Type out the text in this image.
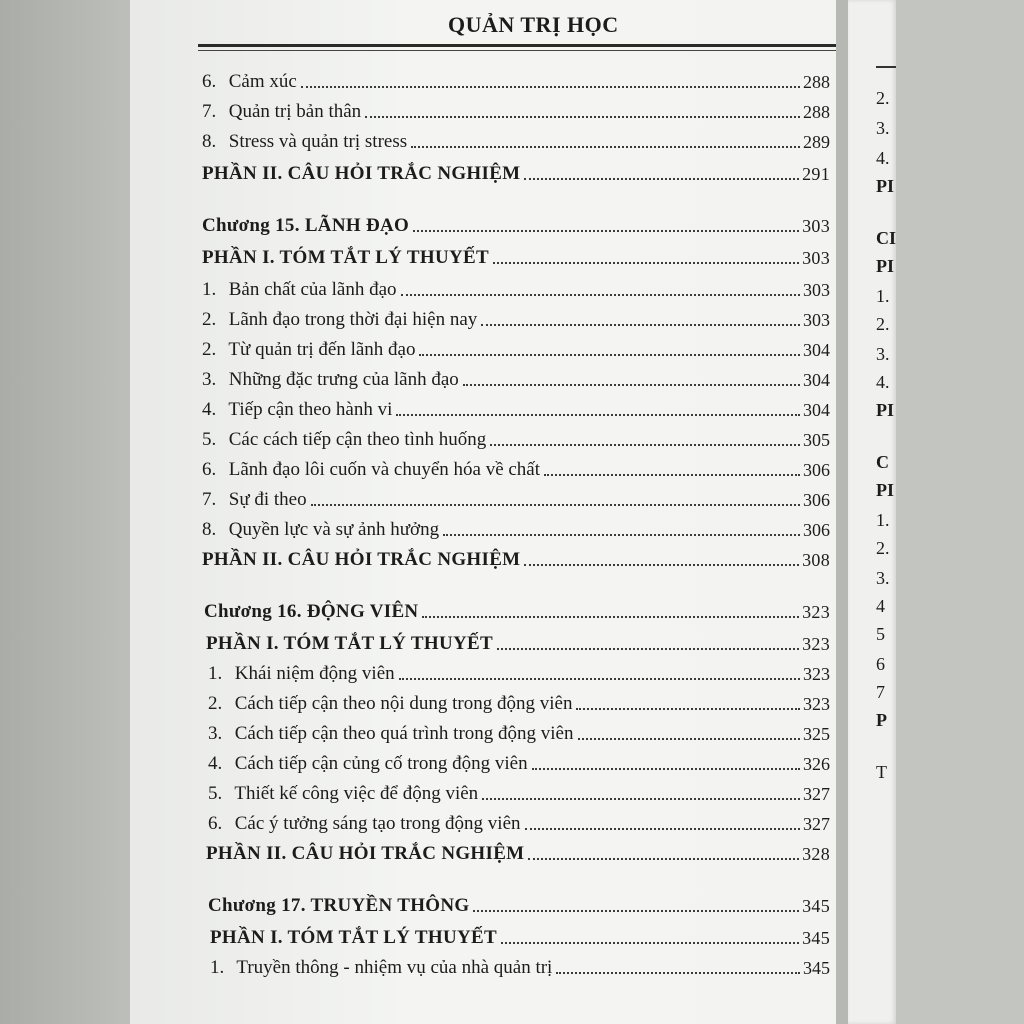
QUẢN TRỊ HỌC
6. Cảm xúc	288
7. Quản trị bản thân	288
8. Stress và quản trị stress	289
PHẦN II. CÂU HỎI TRẮC NGHIỆM	291
Chương 15. LÃNH ĐẠO	303
PHẦN I. TÓM TẮT LÝ THUYẾT	303
1. Bản chất của lãnh đạo	303
2. Lãnh đạo trong thời đại hiện nay	303
2. Từ quản trị đến lãnh đạo	304
3. Những đặc trưng của lãnh đạo	304
4. Tiếp cận theo hành vi	304
5. Các cách tiếp cận theo tình huống	305
6. Lãnh đạo lôi cuốn và chuyển hóa về chất	306
7. Sự đi theo	306
8. Quyền lực và sự ảnh hưởng	306
PHẦN II. CÂU HỎI TRẮC NGHIỆM	308
Chương 16. ĐỘNG VIÊN	323
PHẦN I. TÓM TẮT LÝ THUYẾT	323
1. Khái niệm động viên	323
2. Cách tiếp cận theo nội dung trong động viên	323
3. Cách tiếp cận theo quá trình trong động viên	325
4. Cách tiếp cận củng cố trong động viên	326
5. Thiết kế công việc để động viên	327
6. Các ý tưởng sáng tạo trong động viên	327
PHẦN II. CÂU HỎI TRẮC NGHIỆM	328
Chương 17. TRUYỀN THÔNG	345
PHẦN I. TÓM TẮT LÝ THUYẾT	345
1. Truyền thông - nhiệm vụ của nhà quản trị	345
2.
3.
4.
PI
CI
PI
1.
2.
3.
4.
PI
C
PI
1.
2.
3.
4
5
6
7
P
T
